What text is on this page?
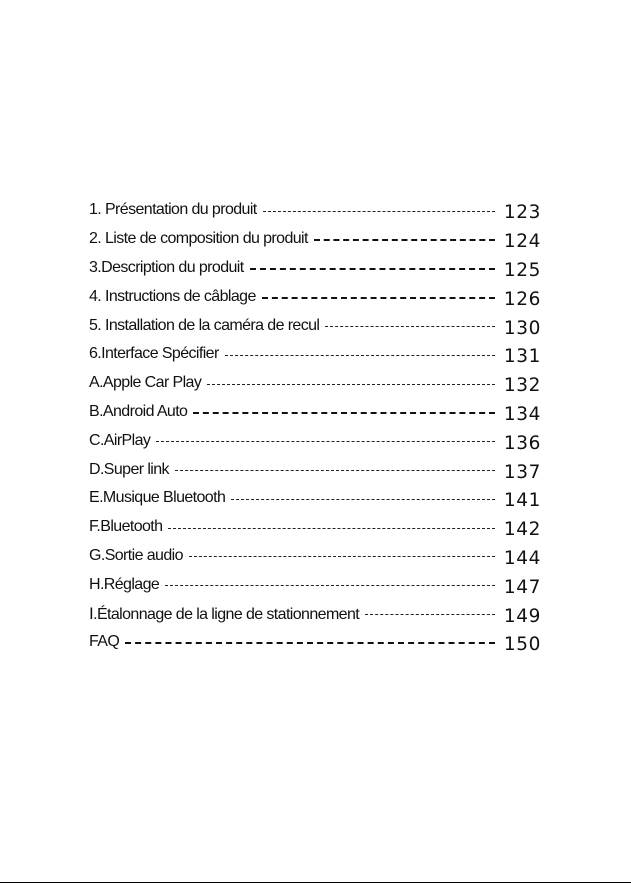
1. Présentation du produit	123
2. Liste de composition du produit	124
3.Description du produit	125
4. Instructions de câblage	126
5. Installation de la caméra de recul	130
6.Interface Spécifier	131
A.Apple Car Play	132
B.Android Auto	134
C.AirPlay	136
D.Super link	137
E.Musique Bluetooth	141
F.Bluetooth	142
G.Sortie audio	144
H.Réglage	147
Ⅰ.Étalonnage de la ligne de stationnement	149
FAQ	150
